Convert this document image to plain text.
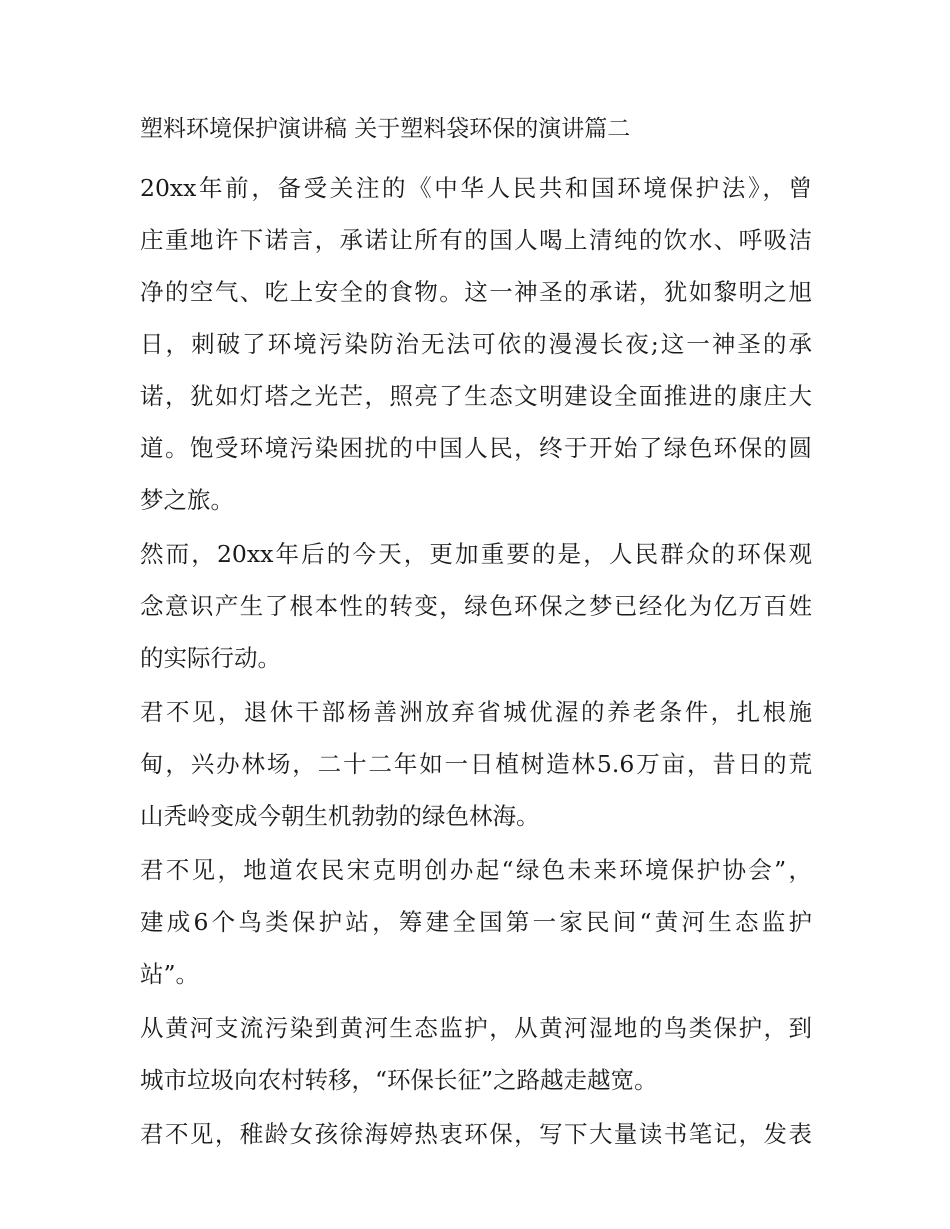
塑料环境保护演讲稿 关于塑料袋环保的演讲篇二
20xx年前，备受关注的《中华人民共和国环境保护法》，曾
庄重地许下诺言，承诺让所有的国人喝上清纯的饮水、呼吸洁
净的空气、吃上安全的食物。这一神圣的承诺，犹如黎明之旭
日，刺破了环境污染防治无法可依的漫漫长夜;这一神圣的承
诺，犹如灯塔之光芒，照亮了生态文明建设全面推进的康庄大
道。饱受环境污染困扰的中国人民，终于开始了绿色环保的圆
梦之旅。
然而，20xx年后的今天，更加重要的是，人民群众的环保观
念意识产生了根本性的转变，绿色环保之梦已经化为亿万百姓
的实际行动。
君不见，退休干部杨善洲放弃省城优渥的养老条件，扎根施
甸，兴办林场，二十二年如一日植树造林5.6万亩，昔日的荒
山秃岭变成今朝生机勃勃的绿色林海。
君不见，地道农民宋克明创办起“绿色未来环境保护协会”，
建成6个鸟类保护站，筹建全国第一家民间“黄河生态监护
站”。
从黄河支流污染到黄河生态监护，从黄河湿地的鸟类保护，到
城市垃圾向农村转移，“环保长征”之路越走越宽。
君不见，稚龄女孩徐海婷热衷环保，写下大量读书笔记，发表
